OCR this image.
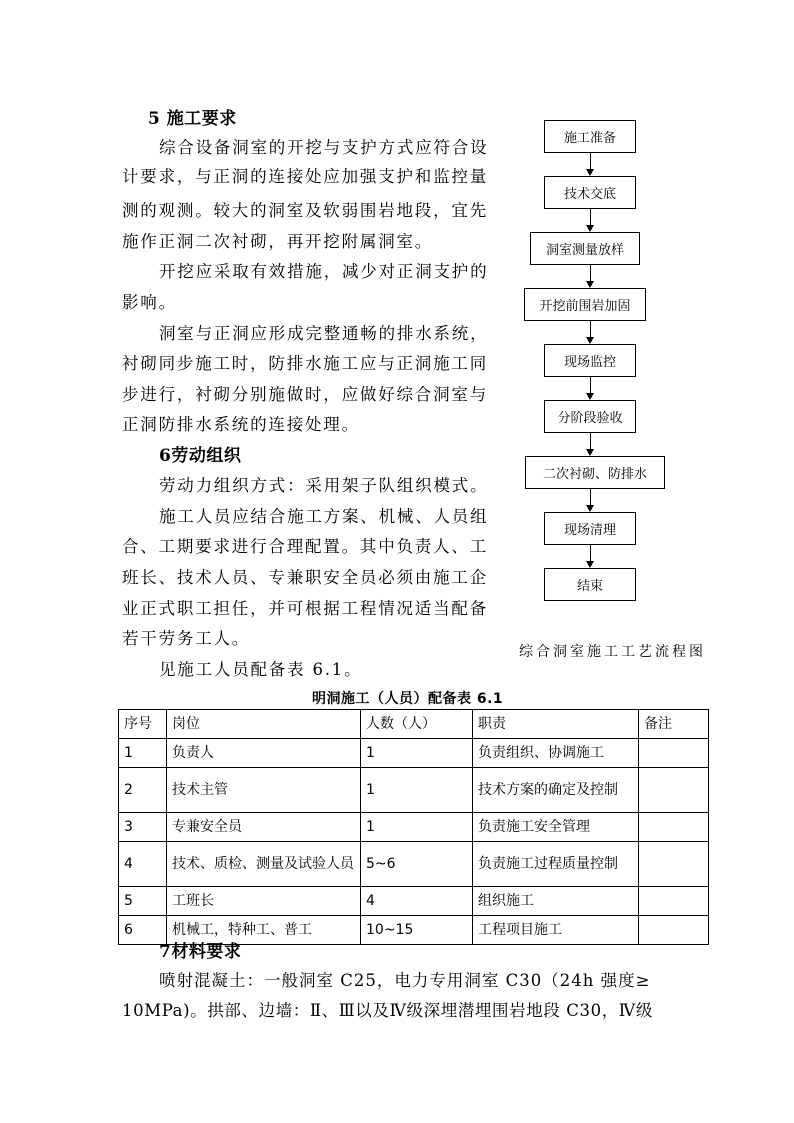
5 施工要求
综合设备洞室的开挖与支护方式应符合设
计要求，与正洞的连接处应加强支护和监控量
测的观测。较大的洞室及软弱围岩地段，宜先
施作正洞二次衬砌，再开挖附属洞室。
开挖应采取有效措施，减少对正洞支护的
影响。
洞室与正洞应形成完整通畅的排水系统，
衬砌同步施工时，防排水施工应与正洞施工同
步进行，衬砌分别施做时，应做好综合洞室与
正洞防排水系统的连接处理。
6劳动组织
劳动力组织方式：采用架子队组织模式。
施工人员应结合施工方案、机械、人员组
合、工期要求进行合理配置。其中负责人、工
班长、技术人员、专兼职安全员必须由施工企
业正式职工担任，并可根据工程情况适当配备
若干劳务工人。
见施工人员配备表 6.1。
施工准备
技术交底
洞室测量放样
开挖前围岩加固
现场监控
分阶段验收
二次衬砌、防排水
现场清理
结束
综合洞室施工工艺流程图
明洞施工（人员）配备表 6.1
序号	岗位	人数（人）	职责	备注
1	负责人	1	负责组织、协调施工	
2	技术主管	1	技术方案的确定及控制	
3	专兼安全员	1	负责施工安全管理	
4	技术、质检、测量及试验人员	5~6	负责施工过程质量控制	
5	工班长	4	组织施工	
6	机械工，特种工、普工	10~15	工程项目施工	
7材料要求
喷射混凝土：一般洞室 C25，电力专用洞室 C30（24h 强度≥
10MPa)。拱部、边墙：Ⅱ、Ⅲ以及Ⅳ级深埋潜埋围岩地段 C30，Ⅳ级
